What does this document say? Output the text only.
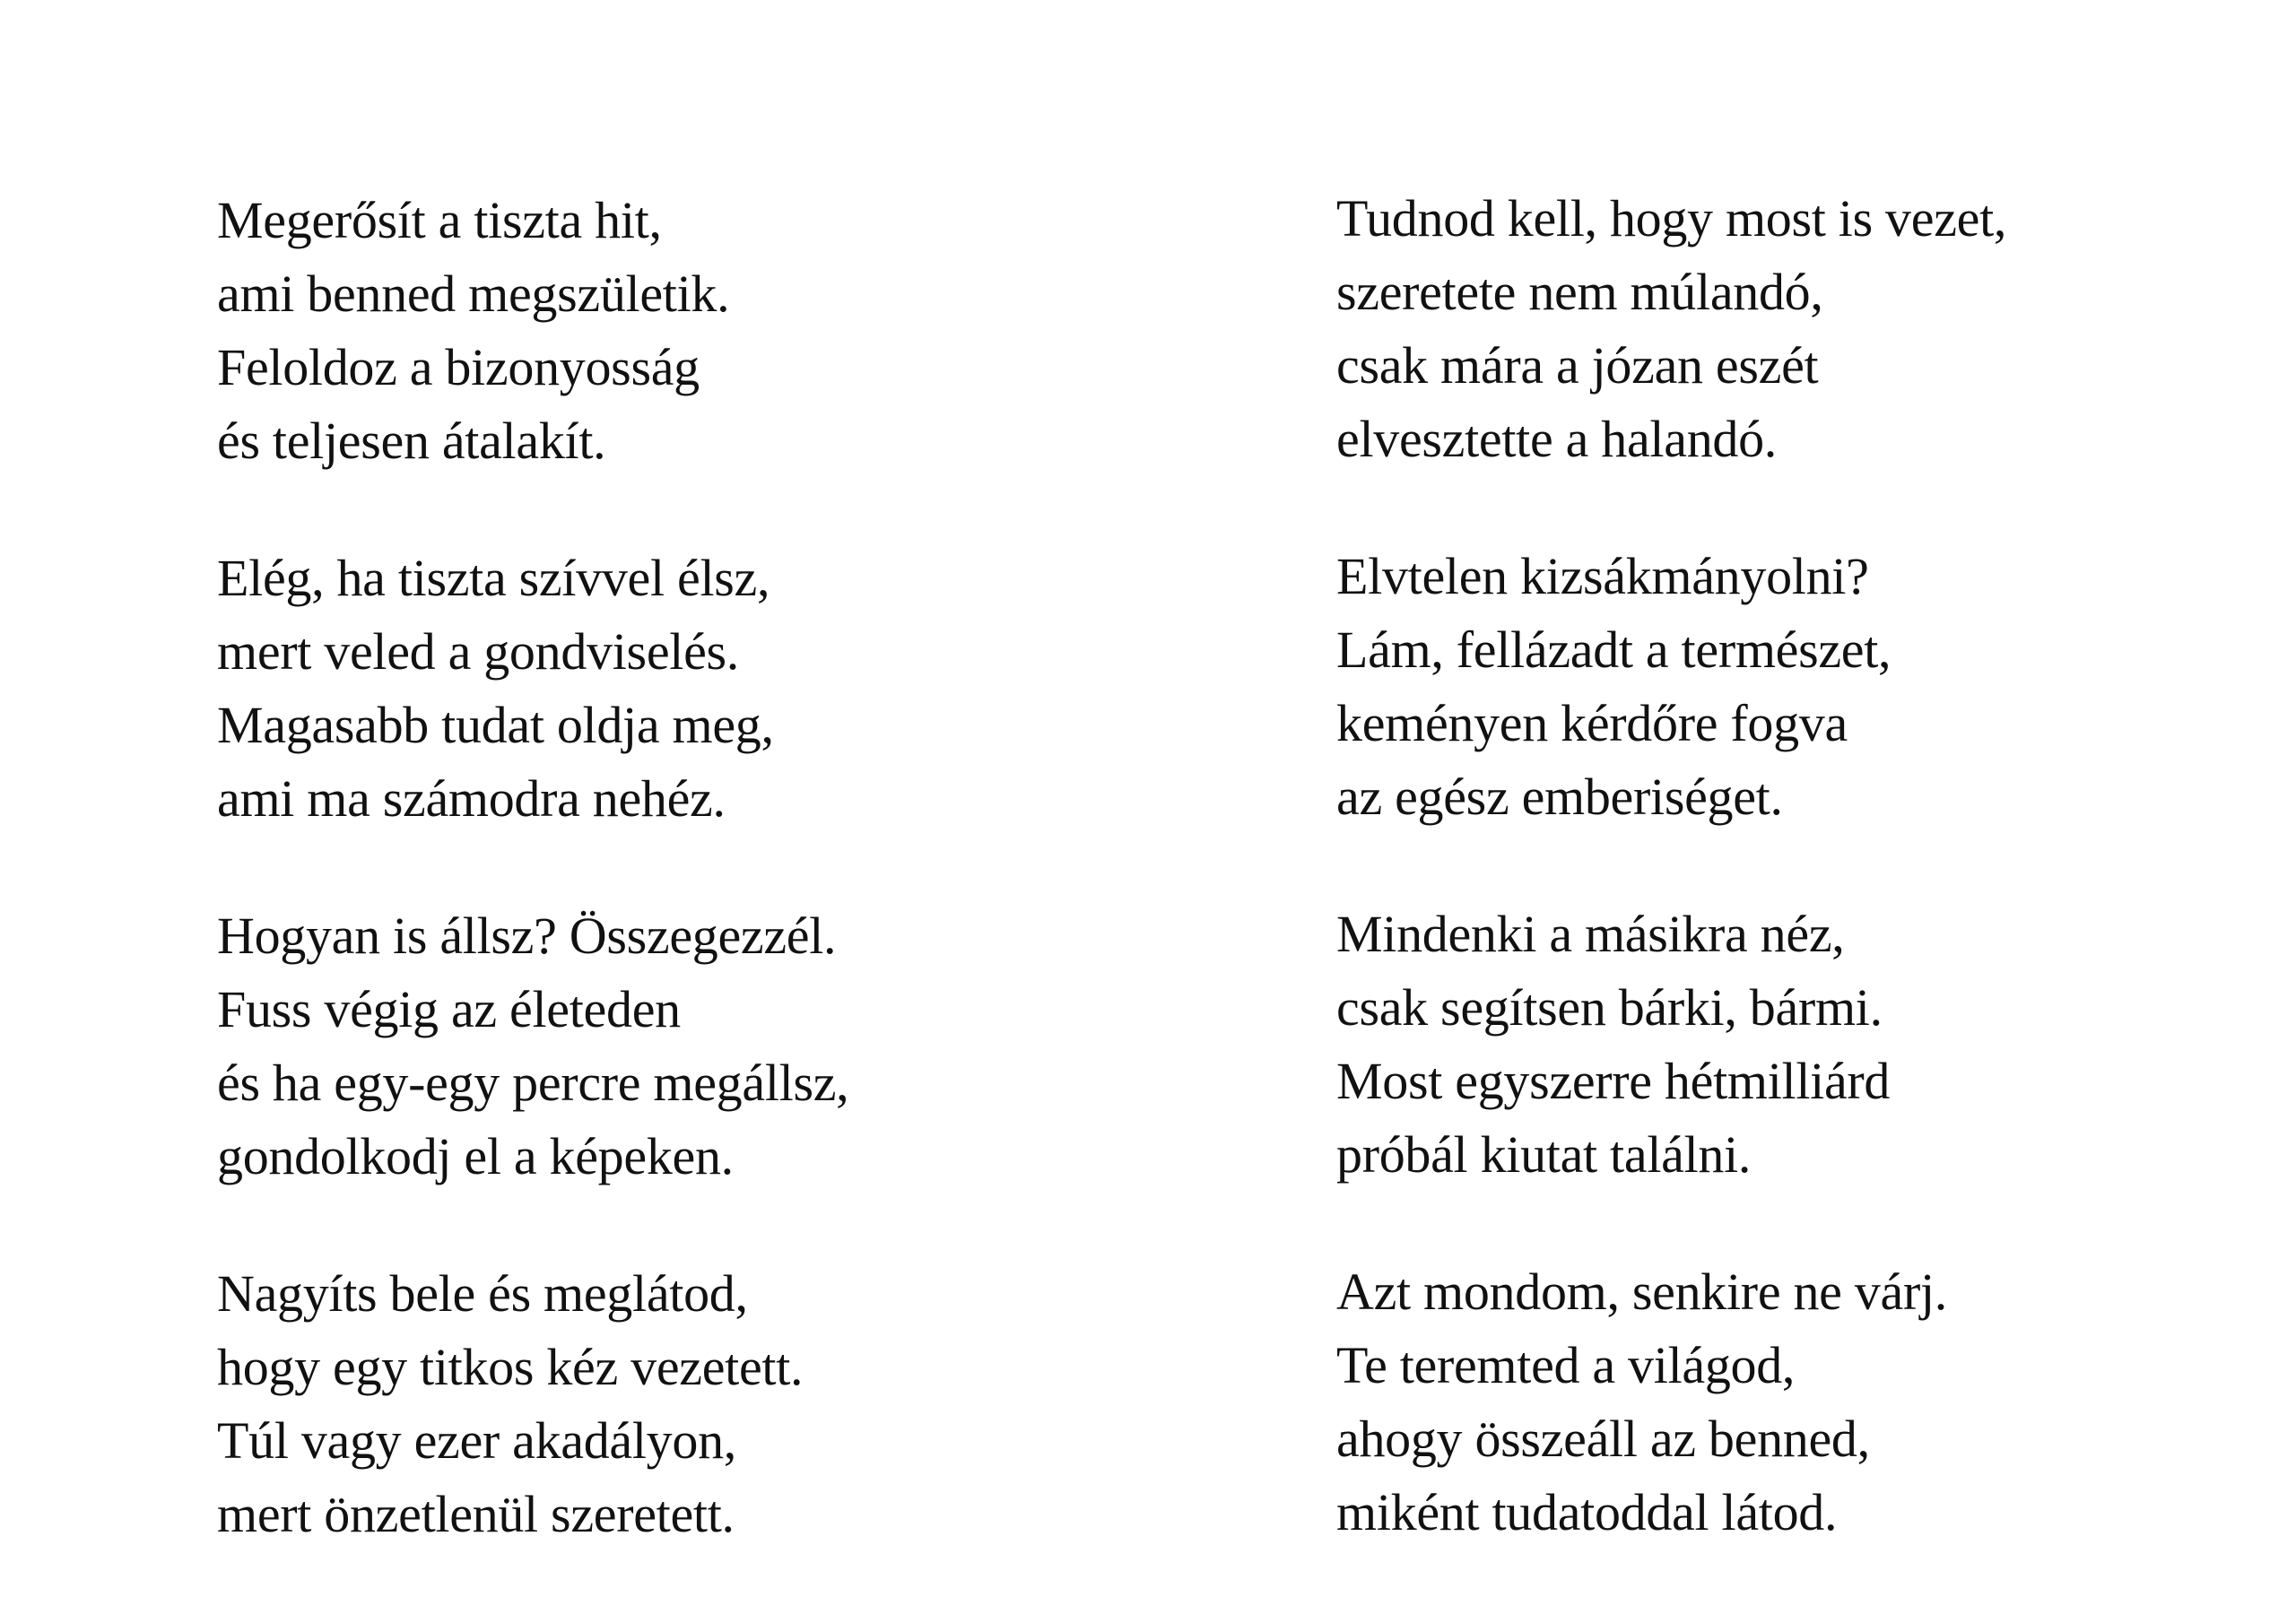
Megerősít a tiszta hit,
ami benned megszületik.
Feloldoz a bizonyosság
és teljesen átalakít.
Elég, ha tiszta szívvel élsz,
mert veled a gondviselés.
Magasabb tudat oldja meg,
ami ma számodra nehéz.
Hogyan is állsz? Összegezzél.
Fuss végig az életeden
és ha egy-egy percre megállsz,
gondolkodj el a képeken.
Nagyíts bele és meglátod,
hogy egy titkos kéz vezetett.
Túl vagy ezer akadályon,
mert önzetlenül szeretett.
Tudnod kell, hogy most is vezet,
szeretete nem múlandó,
csak mára a józan eszét
elvesztette a halandó.
Elvtelen kizsákmányolni?
Lám, fellázadt a természet,
keményen kérdőre fogva
az egész emberiséget.
Mindenki a másikra néz,
csak segítsen bárki, bármi.
Most egyszerre hétmilliárd
próbál kiutat találni.
Azt mondom, senkire ne várj.
Te teremted a világod,
ahogy összeáll az benned,
miként tudatoddal látod.
